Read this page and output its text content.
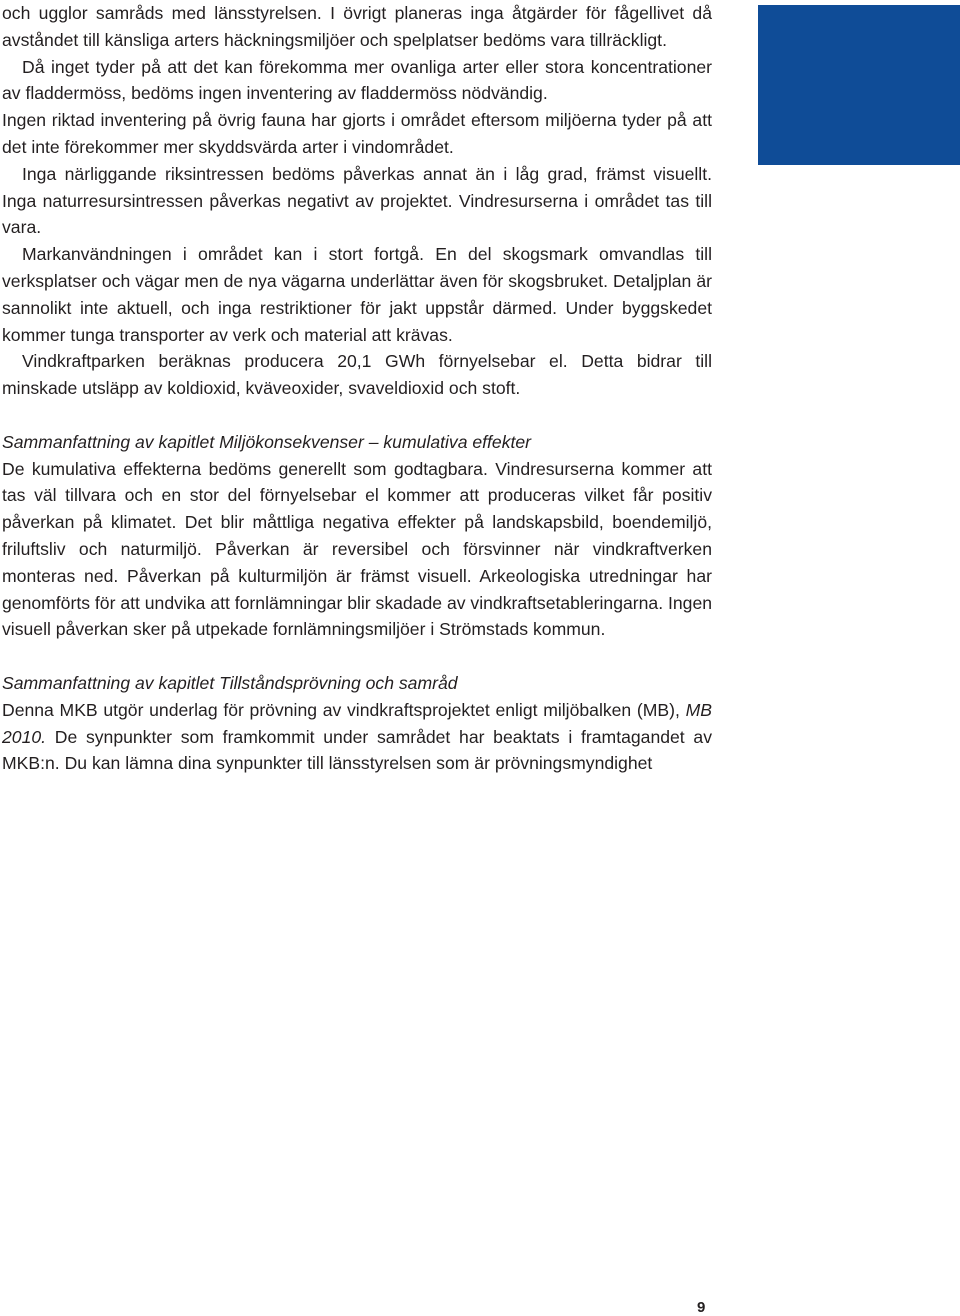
och ugglor samråds med länsstyrelsen. I övrigt planeras inga åtgärder för fågellivet då avståndet till känsliga arters häckningsmiljöer och spelplatser bedöms vara tillräckligt.

Då inget tyder på att det kan förekomma mer ovanliga arter eller stora koncentrationer av fladdermöss, bedöms ingen inventering av fladdermöss nödvändig.

Ingen riktad inventering på övrig fauna har gjorts i området eftersom miljöerna tyder på att det inte förekommer mer skyddsvärda arter i vindområdet.

Inga närliggande riksintressen bedöms påverkas annat än i låg grad, främst visuellt. Inga naturresursintressen påverkas negativt av projektet. Vindresurserna i området tas till vara.

Markanvändningen i området kan i stort fortgå. En del skogsmark omvandlas till verksplatser och vägar men de nya vägarna underlättar även för skogsbruket. Detaljplan är sannolikt inte aktuell, och inga restriktioner för jakt uppstår därmed. Under byggskedet kommer tunga transporter av verk och material att krävas.

Vindkraftparken beräknas producera 20,1 GWh förnyelsebar el. Detta bidrar till minskade utsläpp av koldioxid, kväveoxider, svaveldioxid och stoft.

Sammanfattning av kapitlet Miljökonsekvenser – kumulativa effekter

De kumulativa effekterna bedöms generellt som godtagbara. Vindresurserna kommer att tas väl tillvara och en stor del förnyelsebar el kommer att produceras vilket får positiv påverkan på klimatet. Det blir måttliga negativa effekter på landskapsbild, boendemiljö, friluftsliv och naturmiljö. Påverkan är reversibel och försvinner när vindkraftverken monteras ned. Påverkan på kulturmiljön är främst visuell. Arkeologiska utredningar har genomförts för att undvika att fornlämningar blir skadade av vindkraftsetableringarna. Ingen visuell påverkan sker på utpekade fornlämningsmiljöer i Strömstads kommun.

Sammanfattning av kapitlet Tillståndsprövning och samråd

Denna MKB utgör underlag för prövning av vindkraftsprojektet enligt miljöbalken (MB), MB 2010. De synpunkter som framkommit under samrådet har beaktats i framtagandet av MKB:n. Du kan lämna dina synpunkter till länsstyrelsen som är prövningsmyndighet

9
